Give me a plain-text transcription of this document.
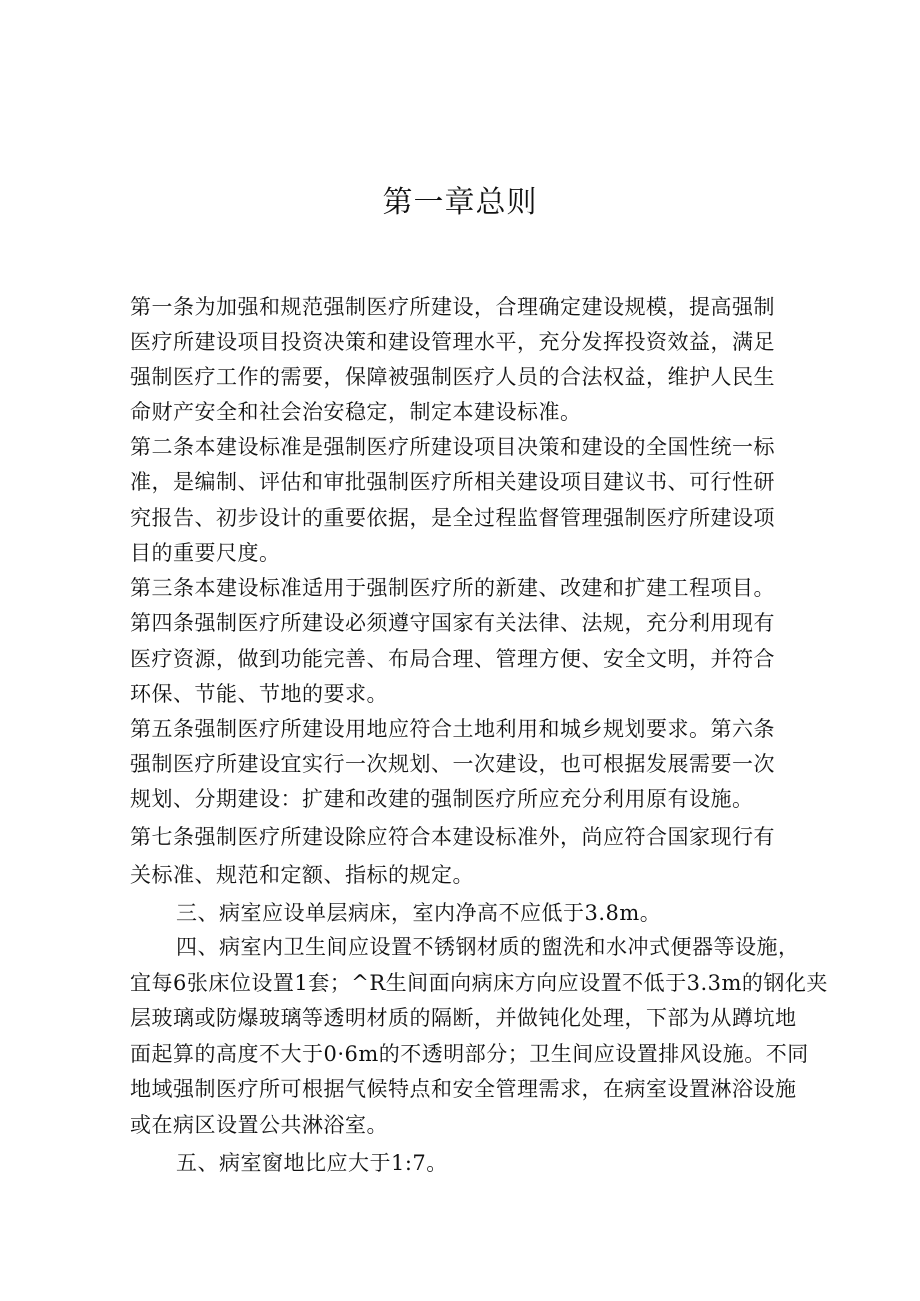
第一章总则

第一条为加强和规范强制医疗所建设，合理确定建设规模，提高强制

医疗所建设项目投资决策和建设管理水平，充分发挥投资效益，满足

强制医疗工作的需要，保障被强制医疗人员的合法权益，维护人民生

命财产安全和社会治安稳定，制定本建设标准。

第二条本建设标准是强制医疗所建设项目决策和建设的全国性统一标

准，是编制、评估和审批强制医疗所相关建设项目建议书、可行性研

究报告、初步设计的重要依据，是全过程监督管理强制医疗所建设项

目的重要尺度。

第三条本建设标准适用于强制医疗所的新建、改建和扩建工程项目。

第四条强制医疗所建设必须遵守国家有关法律、法规，充分利用现有

医疗资源，做到功能完善、布局合理、管理方便、安全文明，并符合

环保、节能、节地的要求。

第五条强制医疗所建设用地应符合土地利用和城乡规划要求。第六条

强制医疗所建设宜实行一次规划、一次建设，也可根据发展需要一次

规划、分期建设：扩建和改建的强制医疗所应充分利用原有设施。

第七条强制医疗所建设除应符合本建设标准外，尚应符合国家现行有

关标准、规范和定额、指标的规定。

三、病室应设单层病床，室内净高不应低于3.8m。

四、病室内卫生间应设置不锈钢材质的盥洗和水冲式便器等设施，

宜每6张床位设置1套；^R生间面向病床方向应设置不低于3.3m的钢化夹

层玻璃或防爆玻璃等透明材质的隔断，并做钝化处理，下部为从蹲坑地

面起算的高度不大于0·6m的不透明部分；卫生间应设置排风设施。不同

地域强制医疗所可根据气候特点和安全管理需求，在病室设置淋浴设施

或在病区设置公共淋浴室。

五、病室窗地比应大于1:7。
